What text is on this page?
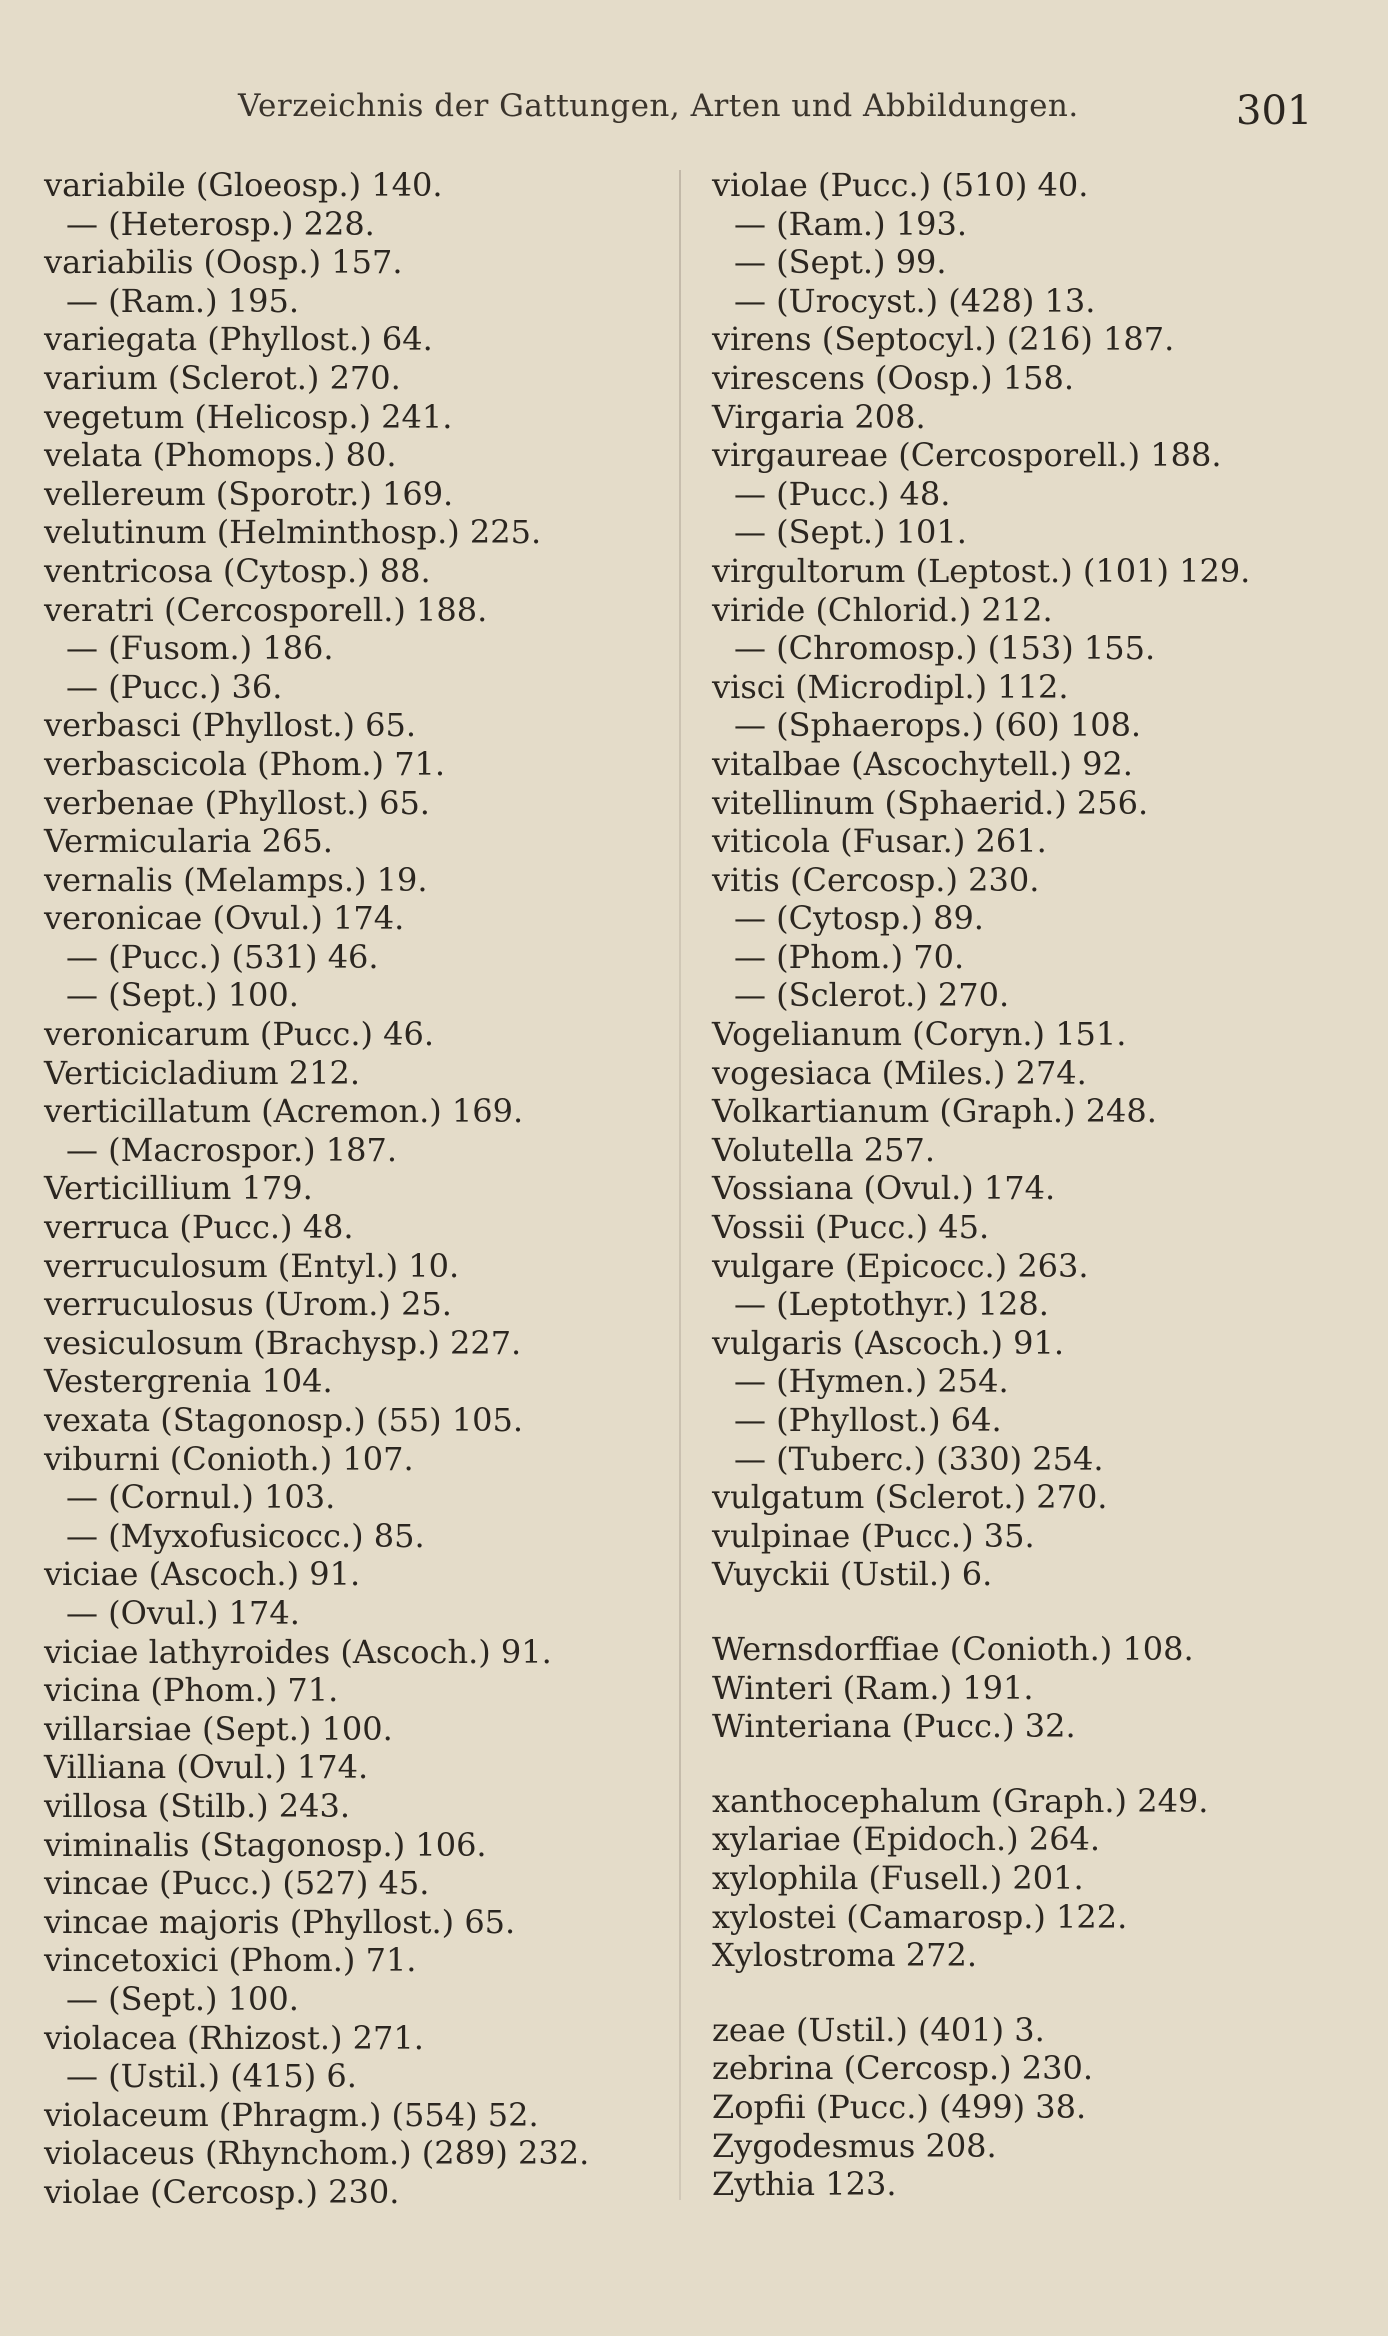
Verzeichnis der Gattungen, Arten und Abbildungen.	301
variabile (Gloeosp.) 140.
— (Heterosp.) 228.
variabilis (Oosp.) 157.
— (Ram.) 195.
variegata (Phyllost.) 64.
varium (Sclerot.) 270.
vegetum (Helicosp.) 241.
velata (Phomops.) 80.
vellereum (Sporotr.) 169.
velutinum (Helminthosp.) 225.
ventricosa (Cytosp.) 88.
veratri (Cercosporell.) 188.
— (Fusom.) 186.
— (Pucc.) 36.
verbasci (Phyllost.) 65.
verbascicola (Phom.) 71.
verbenae (Phyllost.) 65.
Vermicularia 265.
vernalis (Melamps.) 19.
veronicae (Ovul.) 174.
— (Pucc.) (531) 46.
— (Sept.) 100.
veronicarum (Pucc.) 46.
Verticicladium 212.
verticillatum (Acremon.) 169.
— (Macrospor.) 187.
Verticillium 179.
verruca (Pucc.) 48.
verruculosum (Entyl.) 10.
verruculosus (Urom.) 25.
vesiculosum (Brachysp.) 227.
Vestergrenia 104.
vexata (Stagonosp.) (55) 105.
viburni (Conioth.) 107.
— (Cornul.) 103.
— (Myxofusicocc.) 85.
viciae (Ascoch.) 91.
— (Ovul.) 174.
viciae lathyroides (Ascoch.) 91.
vicina (Phom.) 71.
villarsiae (Sept.) 100.
Villiana (Ovul.) 174.
villosa (Stilb.) 243.
viminalis (Stagonosp.) 106.
vincae (Pucc.) (527) 45.
vincae majoris (Phyllost.) 65.
vincetoxici (Phom.) 71.
— (Sept.) 100.
violacea (Rhizost.) 271.
— (Ustil.) (415) 6.
violaceum (Phragm.) (554) 52.
violaceus (Rhynchom.) (289) 232.
violae (Cercosp.) 230.
violae (Pucc.) (510) 40.
— (Ram.) 193.
— (Sept.) 99.
— (Urocyst.) (428) 13.
virens (Septocyl.) (216) 187.
virescens (Oosp.) 158.
Virgaria 208.
virgaureae (Cercosporell.) 188.
— (Pucc.) 48.
— (Sept.) 101.
virgultorum (Leptost.) (101) 129.
viride (Chlorid.) 212.
— (Chromosp.) (153) 155.
visci (Microdipl.) 112.
— (Sphaerops.) (60) 108.
vitalbae (Ascochytell.) 92.
vitellinum (Sphaerid.) 256.
viticola (Fusar.) 261.
vitis (Cercosp.) 230.
— (Cytosp.) 89.
— (Phom.) 70.
— (Sclerot.) 270.
Vogelianum (Coryn.) 151.
vogesiaca (Miles.) 274.
Volkartianum (Graph.) 248.
Volutella 257.
Vossiana (Ovul.) 174.
Vossii (Pucc.) 45.
vulgare (Epicocc.) 263.
— (Leptothyr.) 128.
vulgaris (Ascoch.) 91.
— (Hymen.) 254.
— (Phyllost.) 64.
— (Tuberc.) (330) 254.
vulgatum (Sclerot.) 270.
vulpinae (Pucc.) 35.
Vuyckii (Ustil.) 6.
Wernsdorffiae (Conioth.) 108.
Winteri (Ram.) 191.
Winteriana (Pucc.) 32.
xanthocephalum (Graph.) 249.
xylariae (Epidoch.) 264.
xylophila (Fusell.) 201.
xylostei (Camarosp.) 122.
Xylostroma 272.
zeae (Ustil.) (401) 3.
zebrina (Cercosp.) 230.
Zopfii (Pucc.) (499) 38.
Zygodesmus 208.
Zythia 123.
